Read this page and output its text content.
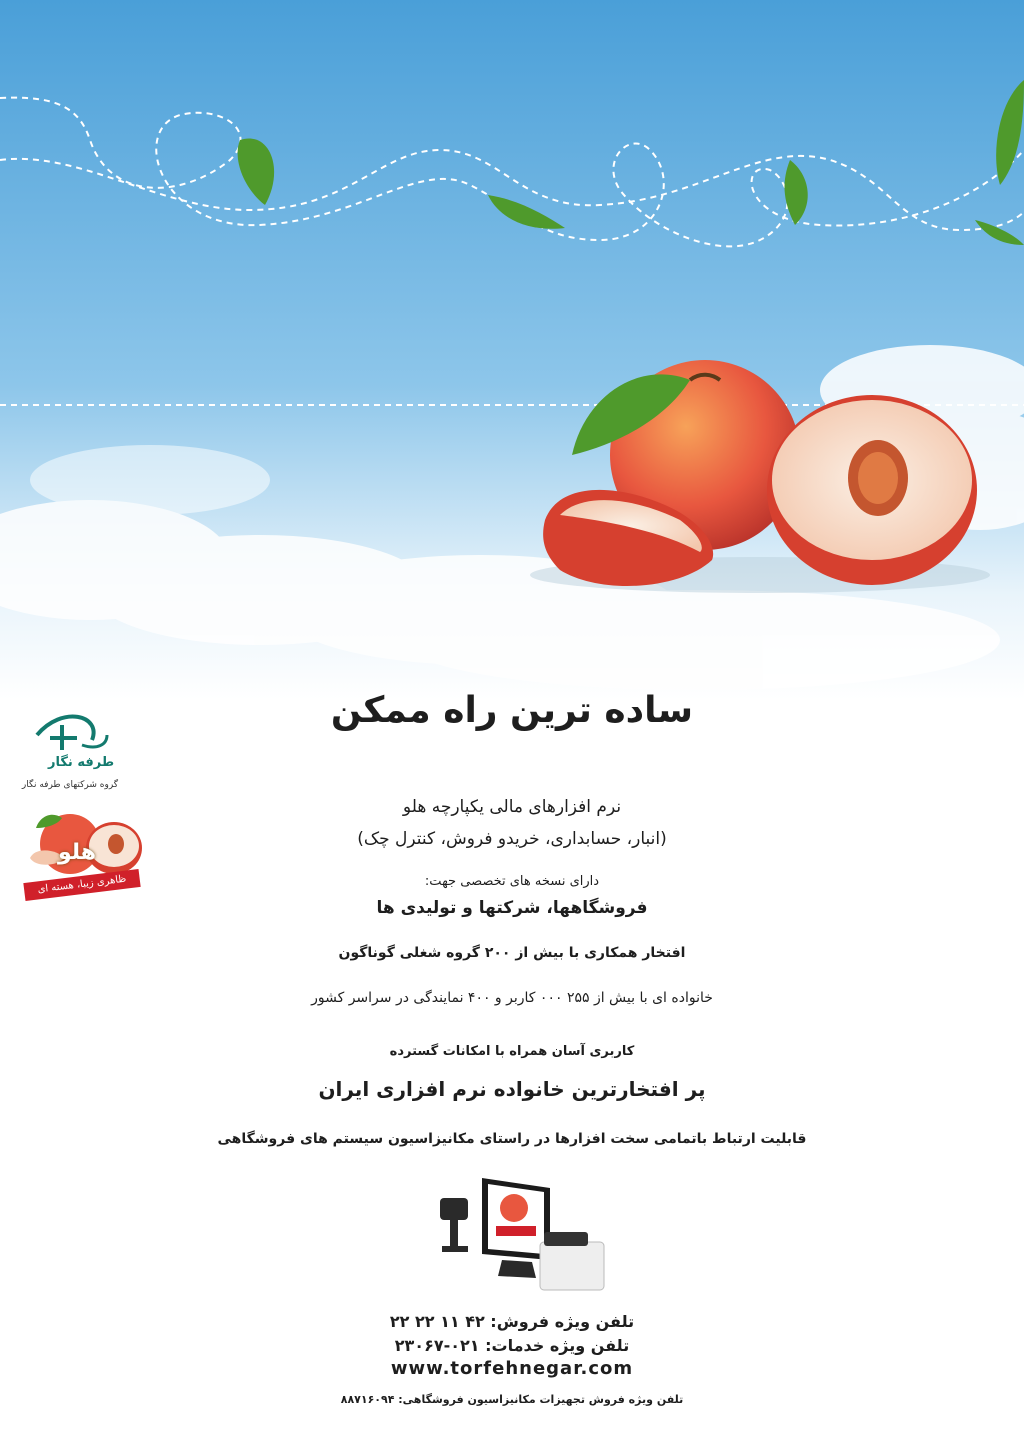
گروه شرکتهای طرفه نگار
طرفه نگار
هلو
ظاهری زیبا، هسته ای محکم
ساده ترین راه ممکن
نرم افزارهای مالی یکپارچه هلو
(انبار، حسابداری، خریدو فروش، کنترل چک)
دارای نسخه های تخصصی جهت:
فروشگاهها، شرکتها و تولیدی ها
افتخار همکاری با بیش از ۲۰۰ گروه شغلی گوناگون
خانواده ای با بیش از ۲۵۵ ۰۰۰ کاربر و ۴۰۰ نمایندگی در سراسر کشور
کاربری آسان همراه با امکانات گسترده
پر افتخارترین خانواده نرم افزاری ایران
قابلیت ارتباط باتمامی سخت افزارها در راستای مکانیزاسیون سیستم های فروشگاهی
تلفن ویژه فروش: ۴۲ ۱۱ ۲۲ ۲۲
تلفن ویژه خدمات: ۰۲۱-۲۳۰۶۷
www.torfehnegar.com
تلفن ویژه فروش تجهیزات مکانیزاسیون فروشگاهی: ۸۸۷۱۶۰۹۴
